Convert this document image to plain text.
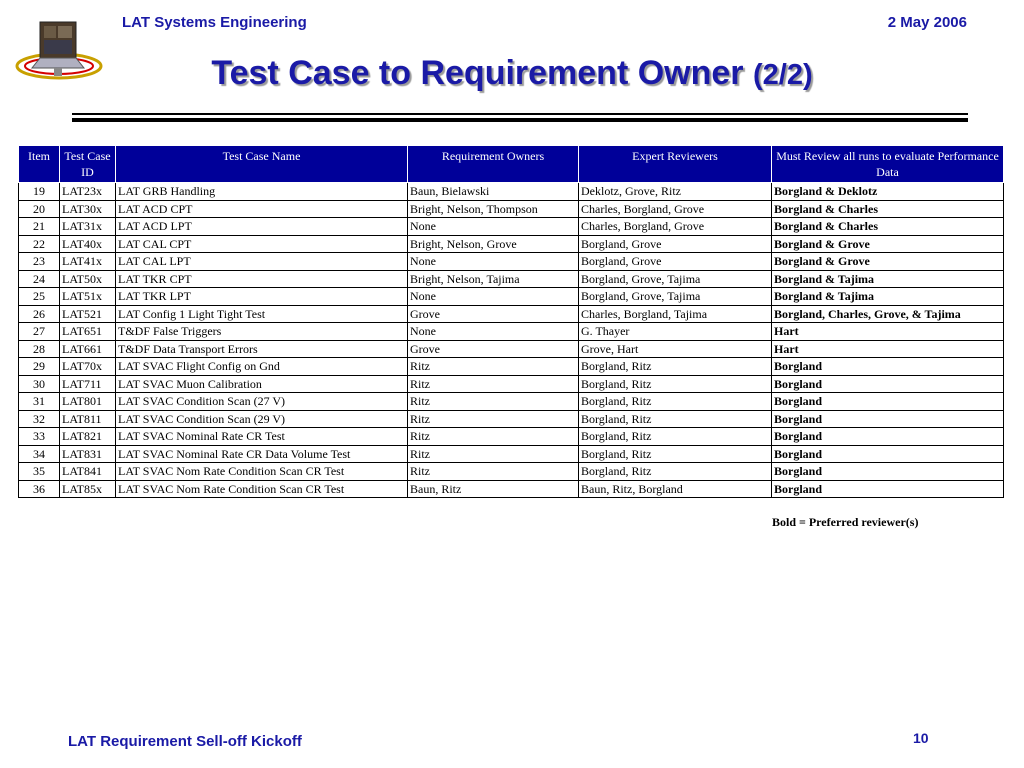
LAT Systems Engineering	2 May 2006
Test Case to Requirement Owner (2/2)
Item	Test Case ID	Test Case Name	Requirement Owners	Expert Reviewers	Must Review all runs to evaluate Performance Data
19	LAT23x	LAT GRB Handling	Baun, Bielawski	Deklotz, Grove, Ritz	Borgland & Deklotz
20	LAT30x	LAT ACD CPT	Bright, Nelson, Thompson	Charles, Borgland, Grove	Borgland & Charles
21	LAT31x	LAT ACD LPT	None	Charles, Borgland, Grove	Borgland & Charles
22	LAT40x	LAT CAL CPT	Bright, Nelson, Grove	Borgland, Grove	Borgland & Grove
23	LAT41x	LAT CAL LPT	None	Borgland, Grove	Borgland & Grove
24	LAT50x	LAT TKR CPT	Bright, Nelson, Tajima	Borgland, Grove, Tajima	Borgland & Tajima
25	LAT51x	LAT TKR LPT	None	Borgland, Grove, Tajima	Borgland & Tajima
26	LAT521	LAT Config 1 Light Tight Test	Grove	Charles, Borgland, Tajima	Borgland, Charles, Grove, & Tajima
27	LAT651	T&DF False Triggers	None	G. Thayer	Hart
28	LAT661	T&DF Data Transport Errors	Grove	Grove, Hart	Hart
29	LAT70x	LAT SVAC Flight Config on Gnd	Ritz	Borgland, Ritz	Borgland
30	LAT711	LAT SVAC Muon Calibration	Ritz	Borgland, Ritz	Borgland
31	LAT801	LAT SVAC Condition Scan (27 V)	Ritz	Borgland, Ritz	Borgland
32	LAT811	LAT SVAC Condition Scan (29 V)	Ritz	Borgland, Ritz	Borgland
33	LAT821	LAT SVAC Nominal Rate CR Test	Ritz	Borgland, Ritz	Borgland
34	LAT831	LAT SVAC Nominal Rate CR Data Volume Test	Ritz	Borgland, Ritz	Borgland
35	LAT841	LAT SVAC Nom Rate Condition Scan CR Test	Ritz	Borgland, Ritz	Borgland
36	LAT85x	LAT SVAC Nom Rate Condition Scan CR Test	Baun, Ritz	Baun, Ritz, Borgland	Borgland
Bold = Preferred reviewer(s)
LAT Requirement Sell-off Kickoff	10
